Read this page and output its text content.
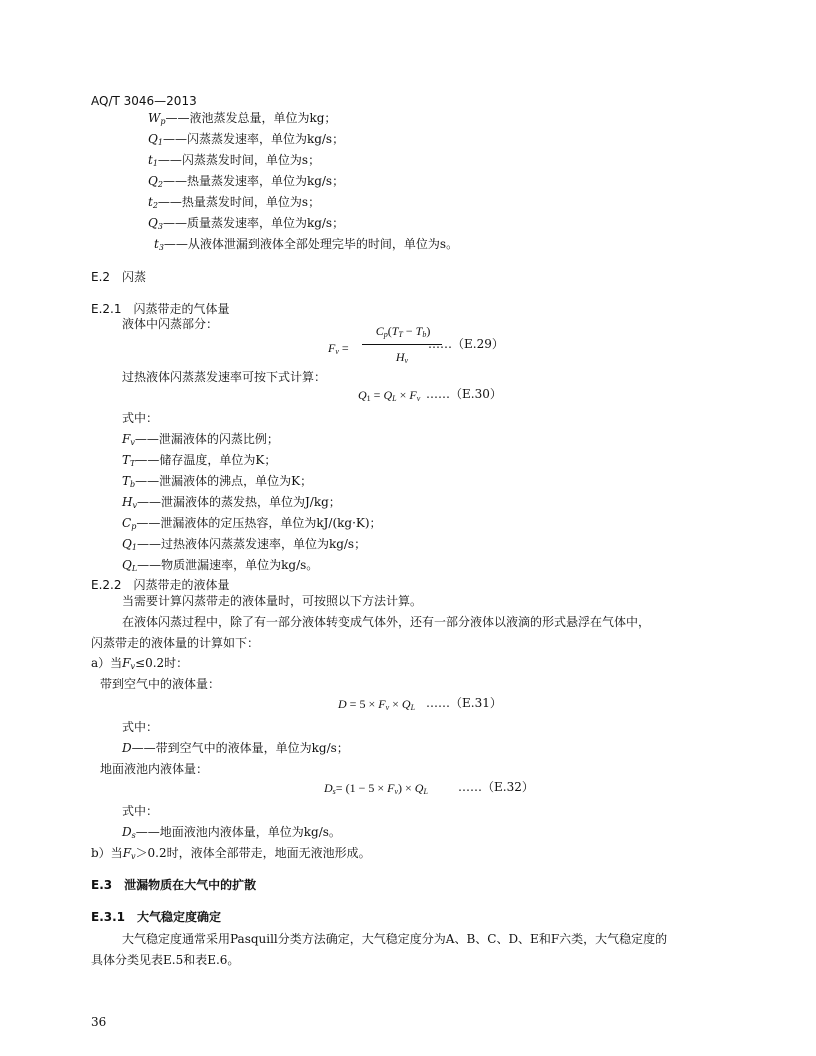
AQ/T 3046—2013
$W_p——$液池蒸发总量，单位为kg；
$Q_1——$闪蒸蒸发速率，单位为kg/s；
$t_1——$闪蒸蒸发时间，单位为s；
$Q_2——$热量蒸发速率，单位为kg/s；
$t_2——$热量蒸发时间，单位为s；
$Q_3——$质量蒸发速率，单位为kg/s；
$t_3——$从液体泄漏到液体全部处理完毕的时间，单位为s。
E.2　闪蒸
E.2.1　闪蒸带走的气体量
液体中闪蒸部分：
$F_v$ =
$C_p(T_T - T_b)$
$H_v$
……（E.29）
过热液体闪蒸蒸发速率可按下式计算：
$Q_1 = Q_L \times F_v$ ……（E.30）
式中：
$F_v——$泄漏液体的闪蒸比例；
$T_T——$储存温度，单位为K；
$T_b——$泄漏液体的沸点，单位为K；
$H_v——$泄漏液体的蒸发热，单位为J/kg；
$C_p——$泄漏液体的定压热容，单位为kJ/(kg·K)；
$Q_1——$过热液体闪蒸蒸发速率，单位为kg/s；
$Q_L——$物质泄漏速率，单位为kg/s。
E.2.2　闪蒸带走的液体量
当需要计算闪蒸带走的液体量时，可按照以下方法计算。
在液体闪蒸过程中，除了有一部分液体转变成气体外，还有一部分液体以液滴的形式悬浮在气体中，
闪蒸带走的液体量的计算如下：
a）当$F_v\le 0.2$时：
带到空气中的液体量：
$D = 5 \times F_v \times Q_L$ ……（E.31）
式中：
D——带到空气中的液体量，单位为kg/s；
地面液池内液体量：
$D_s= (1 - 5 \times F_v) \times Q_L$	……（E.32）
式中：
$D_s——$地面液池内液体量，单位为kg/s。
b）当$F_v>0.2$时，液体全部带走，地面无液池形成。
E.3　泄漏物质在大气中的扩散
E.3.1　大气稳定度确定
大气稳定度通常采用Pasquill分类方法确定，大气稳定度分为A、B、C、D、E和F六类，大气稳定度的
具体分类见表E.5和表E.6。
36
